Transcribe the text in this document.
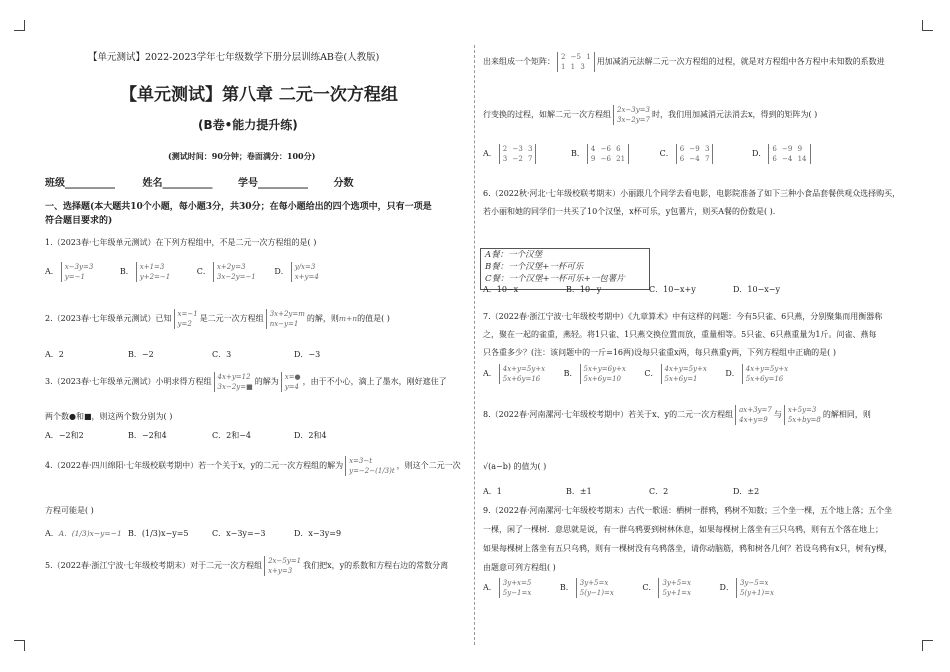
【单元测试】2022-2023学年七年级数学下册分层训练AB卷(人教版)
【单元测试】第八章 二元一次方程组
(B卷•能力提升练)
(测试时间：90分钟；卷面满分：100分)
班级__________	姓名__________	学号__________	分数
一、选择题(本大题共10个小题，每小题3分，共30分；在每小题给出的四个选项中，只有一项是
符合题目要求的)
1.（2023春·七年级单元测试）在下列方程组中，不是二元一次方程组的是( )
A． x−3y=3
y=−1
B． x+1=3
y+2=−1
C． x+2y=3
3x−2y=−1
D． y/x=3
x+y=4
2.（2023春·七年级单元测试）已知 x=−1
y=2
是二元一次方程组 3x+2y=m
nx−y=1
的解，则m+n的值是( )
A．2	B．−2	C．3	D．−3
3.（2023春·七年级单元测试）小明求得方程组 4x+y=12
3x−2y=■
的解为 x=●
y=4
，由于不小心，滴上了墨水，刚好遮住了
两个数●和■，则这两个数分别为( )
A．−2和2	B．−2和4	C．2和−4	D．2和4
4.（2022春·四川绵阳·七年级校联考期中）若一个关于x，y的二元一次方程组的解为 x=3−t
y=−2−(1/3)t
，则这个二元一次
方程可能是( )
A．A．(1/3)x−y=−1 B．(1/3)x−y=5	C．x−3y=−3	D．x−3y=9
5.（2022春·浙江宁波·七年级校考期末）对于二元一次方程组 2x−5y=1
x+y=3
我们把x，y的系数和方程右边的常数分离
出来组成一个矩阵： 2 −5 1
1 1 3
用加减消元法解二元一次方程组的过程，就是对方程组中各方程中未知数的系数进
行变换的过程，如解二元一次方程组 2x−3y=3
3x−2y=7
时，我们用加减消元法消去x，得到的矩阵为( )
A． 2 −3 3
3 −2 7
B． 4 −6 6
9 −6 21
C． 6 −9 3
6 −4 7
D． 6 −9 9
6 −4 14
6.（2022秋·河北·七年级校联考期末）小丽跟几个同学去看电影，电影院准备了如下三种小食品套餐供观众选择购买，
若小丽和她的同学们一共买了10个汉堡，x杯可乐，y包薯片，则买A餐的份数是( ).
A餐：一个汉堡
B餐：一个汉堡+一杯可乐
C餐：一个汉堡+一杯可乐+一包薯片
A．10−x	B．10−y	C．10−x+y	D．10−x−y
7.（2022春·浙江宁波·七年级校考期中）《九章算术》中有这样的问题：今有5只雀、6只燕，分别聚集而用衡器称
之，聚在一起的雀重，燕轻。将1只雀、1只燕交换位置而放，重量相等。5只雀、6只燕重量为1斤。问雀、燕每
只各重多少？(注：该问题中的一斤=16两)设每只雀重x两，每只燕重y两，下列方程组中正确的是( )
A． 4x+y=5y+x
5x+6y=16
B． 5x+y=6y+x
5x+6y=10
C． 4x+y=5y+x
5x+6y=1
D． 4x+y=5y+x
5x+6y=16
8.（2022春·河南漯河·七年级校考期中）若关于x、y的二元一次方程组 ax+3y=7
4x+y=9
与 x+5y=3
5x+by=8
的解相同，则
√(a−b) 的值为( )
A．1	B．±1	C．2	D．±2
9.（2022春·河南漯河·七年级校考期末）古代一歌谣：栖树一群鸦，鸦树不知数；三个坐一棵，五个地上落；五个坐
一棵，闲了一棵树．意思就是说，有一群乌鸦要到树林休息，如果每棵树上落坐有三只乌鸦，则有五个落在地上；
如果每棵树上落坐有五只乌鸦，则有一棵树没有乌鸦落坐，请你动脑筋，鸦和树各几何？若设乌鸦有x只，树有y棵，
由题意可列方程组( )
A． 3y+x=5
5y−1=x
B． 3y+5=x
5(y−1)=x
C． 3y+5=x
5y+1=x
D． 3y−5=x
5(y+1)=x
